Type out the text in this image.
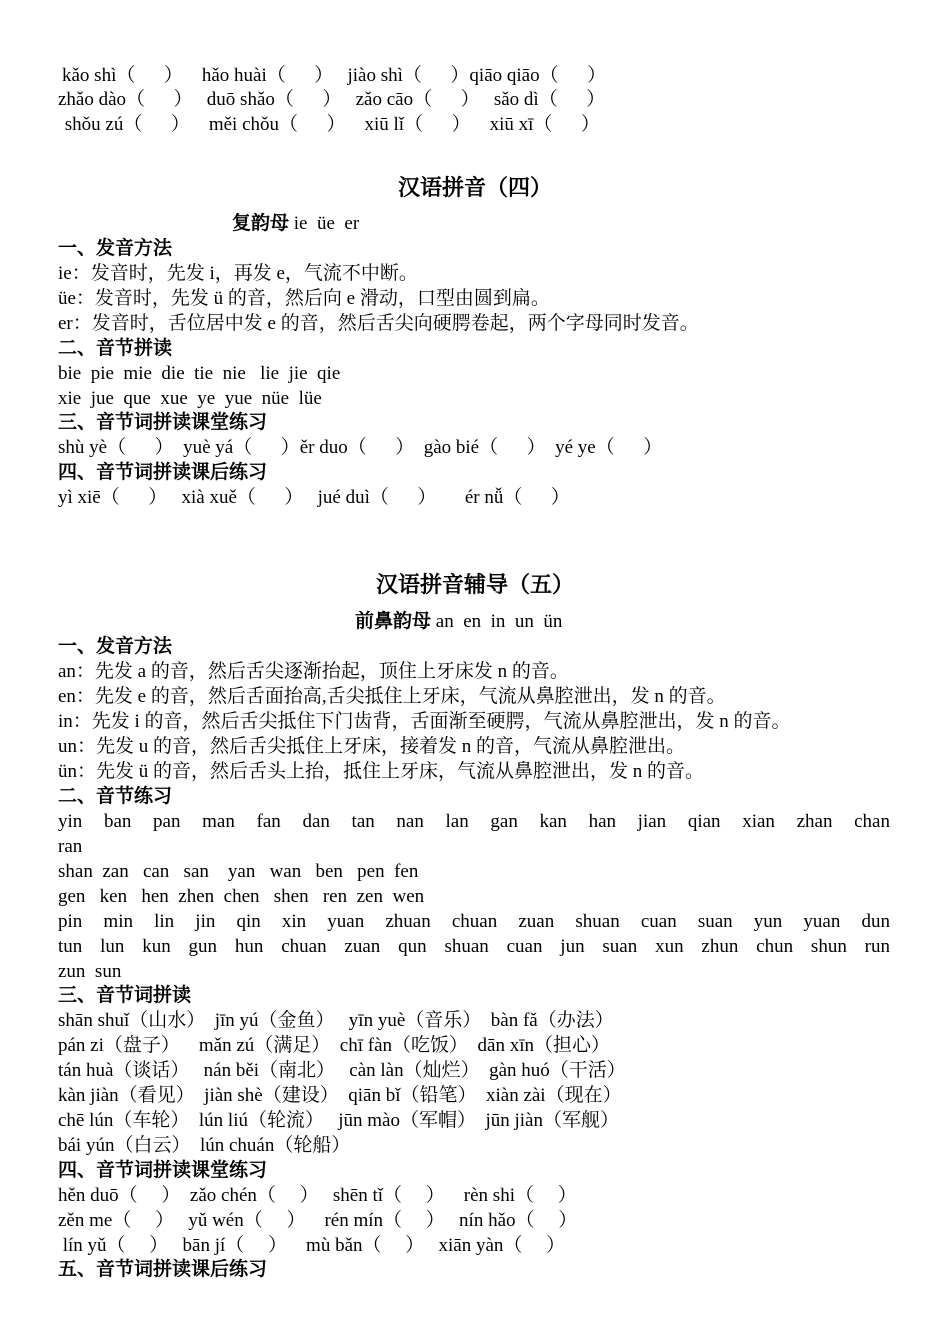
kǎo shì（      ）    hǎo huài（      ）   jiào shì（      ）qiāo qiāo（      ）
zhǎo dào（      ）   duō shǎo（      ）   zǎo cāo（      ）   sǎo dì（      ）
shǒu zú（      ）    měi chǒu（      ）    xiū lǐ（      ）    xiū xī（      ）
汉语拼音（四）
复韵母 ie  üe  er
一、发音方法
ie：发音时，先发 i，再发 e，气流不中断。
üe：发音时，先发 ü 的音，然后向 e 滑动，口型由圆到扁。
er：发音时，舌位居中发 e 的音，然后舌尖向硬腭卷起，两个字母同时发音。
二、音节拼读
bie  pie  mie  die  tie  nie   lie  jie  qie
xie  jue  que  xue  ye  yue  nüe  lüe
三、音节词拼读课堂练习
shù yè（      ）  yuè yá（      ）ěr duo（      ）  gào bié（      ）  yé ye（      ）
四、音节词拼读课后练习
yì xiē（      ）   xià xuě（      ）   jué duì（      ）      ér nǚ（      ）
汉语拼音辅导（五）
前鼻韵母 an  en  in  un  ün
一、发音方法
an：先发 a 的音，然后舌尖逐渐抬起，顶住上牙床发 n 的音。
en：先发 e 的音，然后舌面抬高,舌尖抵住上牙床，气流从鼻腔泄出，发 n 的音。
in：先发 i 的音，然后舌尖抵住下门齿背，舌面渐至硬腭，气流从鼻腔泄出，发 n 的音。
un：先发 u 的音，然后舌尖抵住上牙床，接着发 n 的音，气流从鼻腔泄出。
ün：先发 ü 的音，然后舌头上抬，抵住上牙床，气流从鼻腔泄出，发 n 的音。
二、音节练习
yin ban pan man fan dan tan nan lan gan kan han jian qian xian zhan chan
ran
shan  zan   can   san    yan   wan   ben   pen  fen
gen   ken   hen  zhen  chen   shen   ren  zen  wen
pin min lin jin qin xin yuan zhuan chuan zuan shuan cuan suan yun yuan dun
tun lun kun gun hun chuan zuan qun shuan cuan jun suan xun zhun chun shun run
zun  sun
三、音节词拼读
shān shuǐ（山水）  jīn yú（金鱼）   yīn yuè（音乐）  bàn fǎ（办法）
pán zi（盘子）    mǎn zú（满足）  chī fàn（吃饭）  dān xīn（担心）
tán huà（谈话）   nán běi（南北）   càn làn（灿烂）  gàn huó（干活）
kàn jiàn（看见）  jiàn shè（建设）  qiān bǐ（铅笔）  xiàn zài（现在）
chē lún（车轮）  lún liú（轮流）   jūn mào（军帽）  jūn jiàn（军舰）
bái yún（白云）  lún chuán（轮船）
四、音节词拼读课堂练习
hěn duō（     ）  zǎo chén（     ）   shēn tǐ（     ）    rèn shi（     ）
zěn me（     ）   yǔ wén（     ）    rén mín（     ）   nín hǎo（     ）
lín yǔ（     ）   bān jí（     ）    mù bǎn（     ）   xiān yàn（     ）
五、音节词拼读课后练习
